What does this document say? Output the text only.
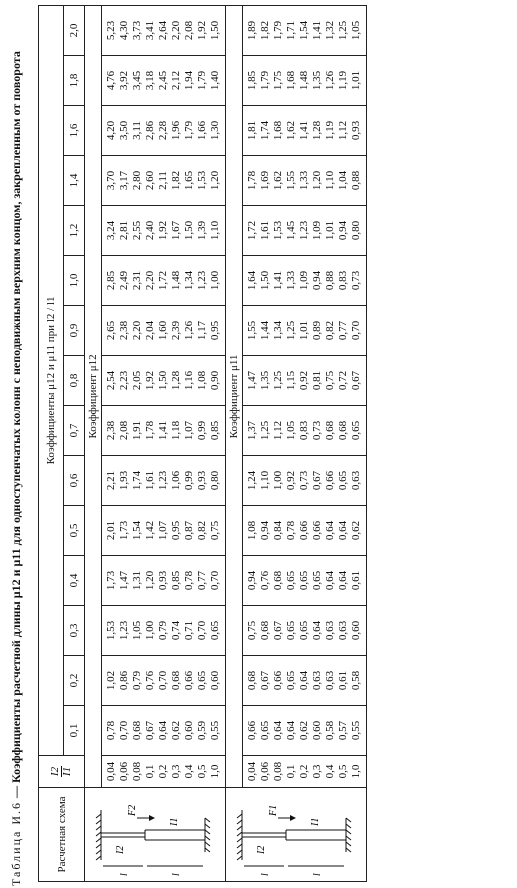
Таблица И.6 — Коэффициенты расчетной длины μ12 и μ11 для одноступенчатых колонн с неподвижным верхним концом, закрепленным от поворота
Расчетная схема	I2 I1	Коэффициенты μ12 и μ11 при l2 / l1														
		0,1	0,2	0,3	0,4	0,5	0,6	0,7	0,8	0,9	1,0	1,2	1,4	1,6	1,8	2,0

I2
I1
F2
l l	Коэффициент μ12															
	0,04	0,78	1,02	1,53	1,73	2,01	2,21	2,38	2,54	2,65	2,85	3,24	3,70	4,20	4,76	5,23
	0,06	0,70	0,86	1,23	1,47	1,73	1,93	2,08	2,23	2,38	2,49	2,81	3,17	3,50	3,92	4,30
	0,08	0,68	0,79	1,05	1,31	1,54	1,74	1,91	2,05	2,20	2,31	2,55	2,80	3,11	3,45	3,73
	0,1	0,67	0,76	1,00	1,20	1,42	1,61	1,78	1,92	2,04	2,20	2,40	2,60	2,86	3,18	3,41
	0,2	0,64	0,70	0,79	0,93	1,07	1,23	1,41	1,50	1,60	1,72	1,92	2,11	2,28	2,45	2,64
	0,3	0,62	0,68	0,74	0,85	0,95	1,06	1,18	1,28	2,39	1,48	1,67	1,82	1,96	2,12	2,20
	0,4	0,60	0,66	0,71	0,78	0,87	0,99	1,07	1,16	1,26	1,34	1,50	1,65	1,79	1,94	2,08
	0,5	0,59	0,65	0,70	0,77	0,82	0,93	0,99	1,08	1,17	1,23	1,39	1,53	1,66	1,79	1,92
	1,0	0,55	0,60	0,65	0,70	0,75	0,80	0,85	0,90	0,95	1,00	1,10	1,20	1,30	1,40	1,50

I2
I1
F1
l l	Коэффициент μ11															
	0,04	0,66	0,68	0,75	0,94	1,08	1,24	1,37	1,47	1,55	1,64	1,72	1,78	1,81	1,85	1,89
	0,06	0,65	0,67	0,68	0,76	0,94	1,10	1,25	1,35	1,44	1,50	1,61	1,69	1,74	1,79	1,82
	0,08	0,64	0,66	0,67	0,68	0,84	1,00	1,12	1,25	1,34	1,41	1,53	1,62	1,68	1,75	1,79
	0,1	0,64	0,65	0,65	0,65	0,78	0,92	1,05	1,15	1,25	1,33	1,45	1,55	1,62	1,68	1,71
	0,2	0,62	0,64	0,65	0,65	0,66	0,73	0,83	0,92	1,01	1,09	1,23	1,33	1,41	1,48	1,54
	0,3	0,60	0,63	0,64	0,65	0,66	0,67	0,73	0,81	0,89	0,94	1,09	1,20	1,28	1,35	1,41
	0,4	0,58	0,63	0,63	0,64	0,64	0,66	0,68	0,75	0,82	0,88	1,01	1,10	1,19	1,26	1,32
	0,5	0,57	0,61	0,63	0,64	0,64	0,65	0,68	0,72	0,77	0,83	0,94	1,04	1,12	1,19	1,25
	1,0	0,55	0,58	0,60	0,61	0,62	0,63	0,65	0,67	0,70	0,73	0,80	0,88	0,93	1,01	1,05
